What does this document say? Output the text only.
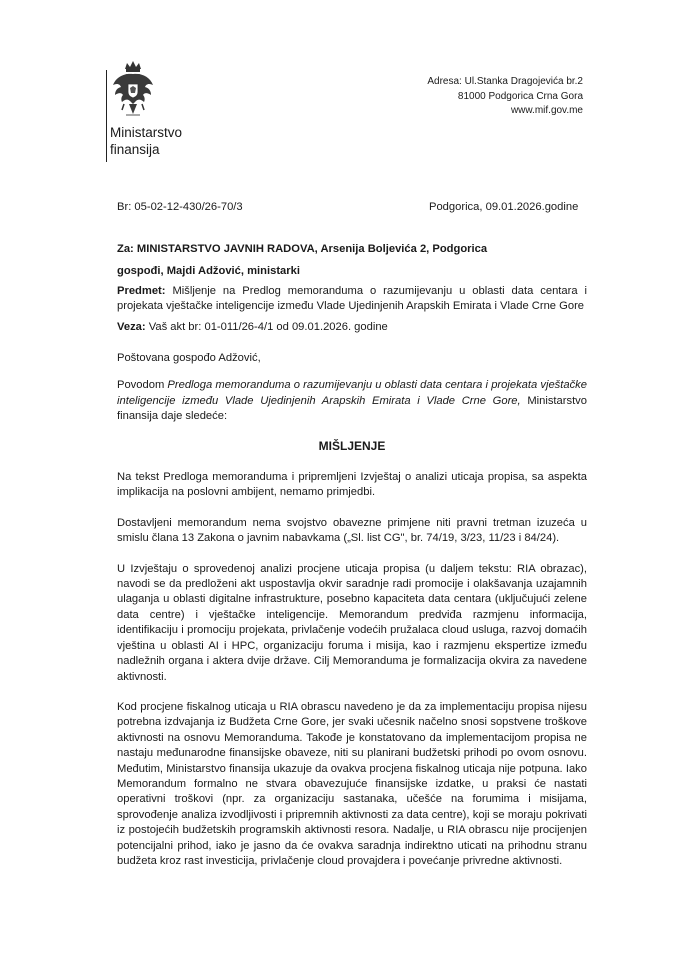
Ministarstvo
finansija
Adresa: Ul.Stanka Dragojevića br.2
81000 Podgorica Crna Gora
www.mif.gov.me
Br: 05-02-12-430/26-70/3	Podgorica, 09.01.2026.godine

Za: MINISTARSTVO JAVNIH RADOVA, Arsenija Boljevića 2, Podgorica

gospođi, Majdi Adžović, ministarki

Predmet: Mišljenje na Predlog memoranduma o razumijevanju u oblasti data centara i projekata vještačke inteligencije između Vlade Ujedinjenih Arapskih Emirata i Vlade Crne Gore

Veza: Vaš akt br: 01-011/26-4/1 od 09.01.2026. godine

Poštovana gospođo Adžović,

Povodom Predloga memoranduma o razumijevanju u oblasti data centara i projekata vještačke inteligencije između Vlade Ujedinjenih Arapskih Emirata i Vlade Crne Gore, Ministarstvo finansija daje sledeće:

MIŠLJENJE

Na tekst Predloga memoranduma i pripremljeni Izvještaj o analizi uticaja propisa, sa aspekta implikacija na poslovni ambijent, nemamo primjedbi.

Dostavljeni memorandum nema svojstvo obavezne primjene niti pravni tretman izuzeća u smislu člana 13 Zakona o javnim nabavkama („Sl. list CG", br. 74/19, 3/23, 11/23 i 84/24).

U Izvještaju o sprovedenoj analizi procjene uticaja propisa (u daljem tekstu: RIA obrazac), navodi se da predloženi akt uspostavlja okvir saradnje radi promocije i olakšavanja uzajamnih ulaganja u oblasti digitalne infrastrukture, posebno kapaciteta data centara (uključujući zelene data centre) i vještačke inteligencije. Memorandum predviđa razmjenu informacija, identifikaciju i promociju projekata, privlačenje vodećih pružalaca cloud usluga, razvoj domaćih vještina u oblasti AI i HPC, organizaciju foruma i misija, kao i razmjenu ekspertize između nadležnih organa i aktera dvije države. Cilj Memoranduma je formalizacija okvira za navedene aktivnosti.

Kod procjene fiskalnog uticaja u RIA obrascu navedeno je da za implementaciju propisa nijesu potrebna izdvajanja iz Budžeta Crne Gore, jer svaki učesnik načelno snosi sopstvene troškove aktivnosti na osnovu Memoranduma. Takođe je konstatovano da implementacijom propisa ne nastaju međunarodne finansijske obaveze, niti su planirani budžetski prihodi po ovom osnovu. Međutim, Ministarstvo finansija ukazuje da ovakva procjena fiskalnog uticaja nije potpuna. Iako Memorandum formalno ne stvara obavezujuće finansijske izdatke, u praksi će nastati operativni troškovi (npr. za organizaciju sastanaka, učešće na forumima i misijama, sprovođenje analiza izvodljivosti i pripremnih aktivnosti za data centre), koji se moraju pokrivati iz postojećih budžetskih programskih aktivnosti resora. Nadalje, u RIA obrascu nije procijenjen potencijalni prihod, iako je jasno da će ovakva saradnja indirektno uticati na prihodnu stranu budžeta kroz rast investicija, privlačenje cloud provajdera i povećanje privredne aktivnosti.
